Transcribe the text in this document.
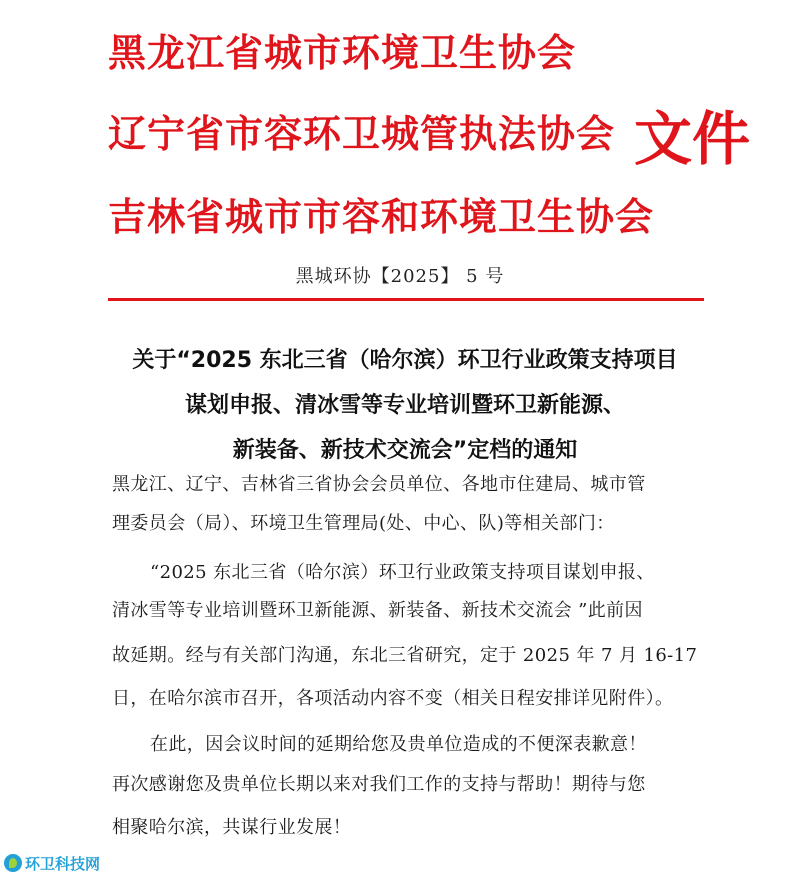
黑龙江省城市环境卫生协会
辽宁省市容环卫城管执法协会
吉林省城市市容和环境卫生协会
文件
黑城环协【2025】 5 号
关于“2025 东北三省（哈尔滨）环卫行业政策支持项目
谋划申报、清冰雪等专业培训暨环卫新能源、
新装备、新技术交流会”定档的通知
黑龙江、辽宁、吉林省三省协会会员单位、各地市住建局、城市管
理委员会（局）、环境卫生管理局(处、中心、队)等相关部门：
“2025 东北三省（哈尔滨）环卫行业政策支持项目谋划申报、
清冰雪等专业培训暨环卫新能源、新装备、新技术交流会 ”此前因
故延期。经与有关部门沟通，东北三省研究，定于 2025 年 7 月 16-17
日，在哈尔滨市召开，各项活动内容不变（相关日程安排详见附件）。
在此，因会议时间的延期给您及贵单位造成的不便深表歉意！
再次感谢您及贵单位长期以来对我们工作的支持与帮助！期待与您
相聚哈尔滨，共谋行业发展！
环卫科技网
